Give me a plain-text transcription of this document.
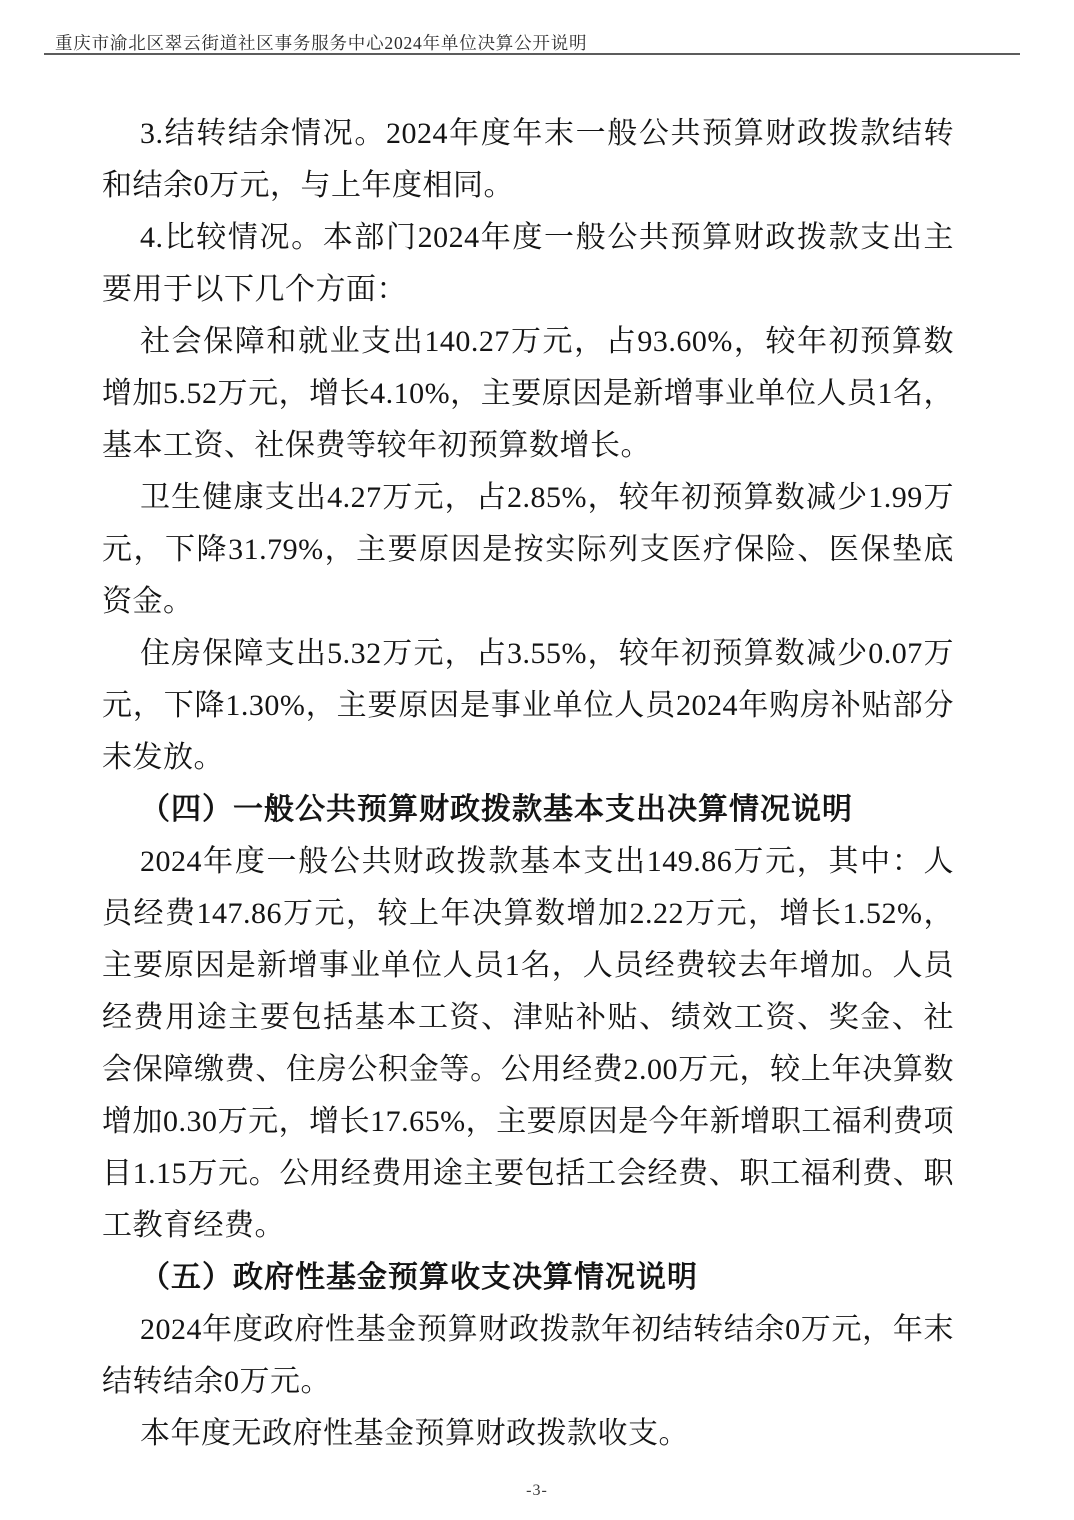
重庆市渝北区翠云街道社区事务服务中心2024年单位决算公开说明

3.结转结余情况。2024年度年末一般公共预算财政拨款结转和结余0万元，与上年度相同。

4.比较情况。本部门2024年度一般公共预算财政拨款支出主要用于以下几个方面：

社会保障和就业支出140.27万元，占93.60%，较年初预算数增加5.52万元，增长4.10%，主要原因是新增事业单位人员1名，基本工资、社保费等较年初预算数增长。

卫生健康支出4.27万元，占2.85%，较年初预算数减少1.99万元，下降31.79%，主要原因是按实际列支医疗保险、医保垫底资金。

住房保障支出5.32万元，占3.55%，较年初预算数减少0.07万元，下降1.30%，主要原因是事业单位人员2024年购房补贴部分未发放。

（四）一般公共预算财政拨款基本支出决算情况说明

2024年度一般公共财政拨款基本支出149.86万元，其中：人员经费147.86万元，较上年决算数增加2.22万元，增长1.52%，主要原因是新增事业单位人员1名，人员经费较去年增加。人员经费用途主要包括基本工资、津贴补贴、绩效工资、奖金、社会保障缴费、住房公积金等。公用经费2.00万元，较上年决算数增加0.30万元，增长17.65%，主要原因是今年新增职工福利费项目1.15万元。公用经费用途主要包括工会经费、职工福利费、职工教育经费。

（五）政府性基金预算收支决算情况说明

2024年度政府性基金预算财政拨款年初结转结余0万元，年末结转结余0万元。

本年度无政府性基金预算财政拨款收支。

-3-
